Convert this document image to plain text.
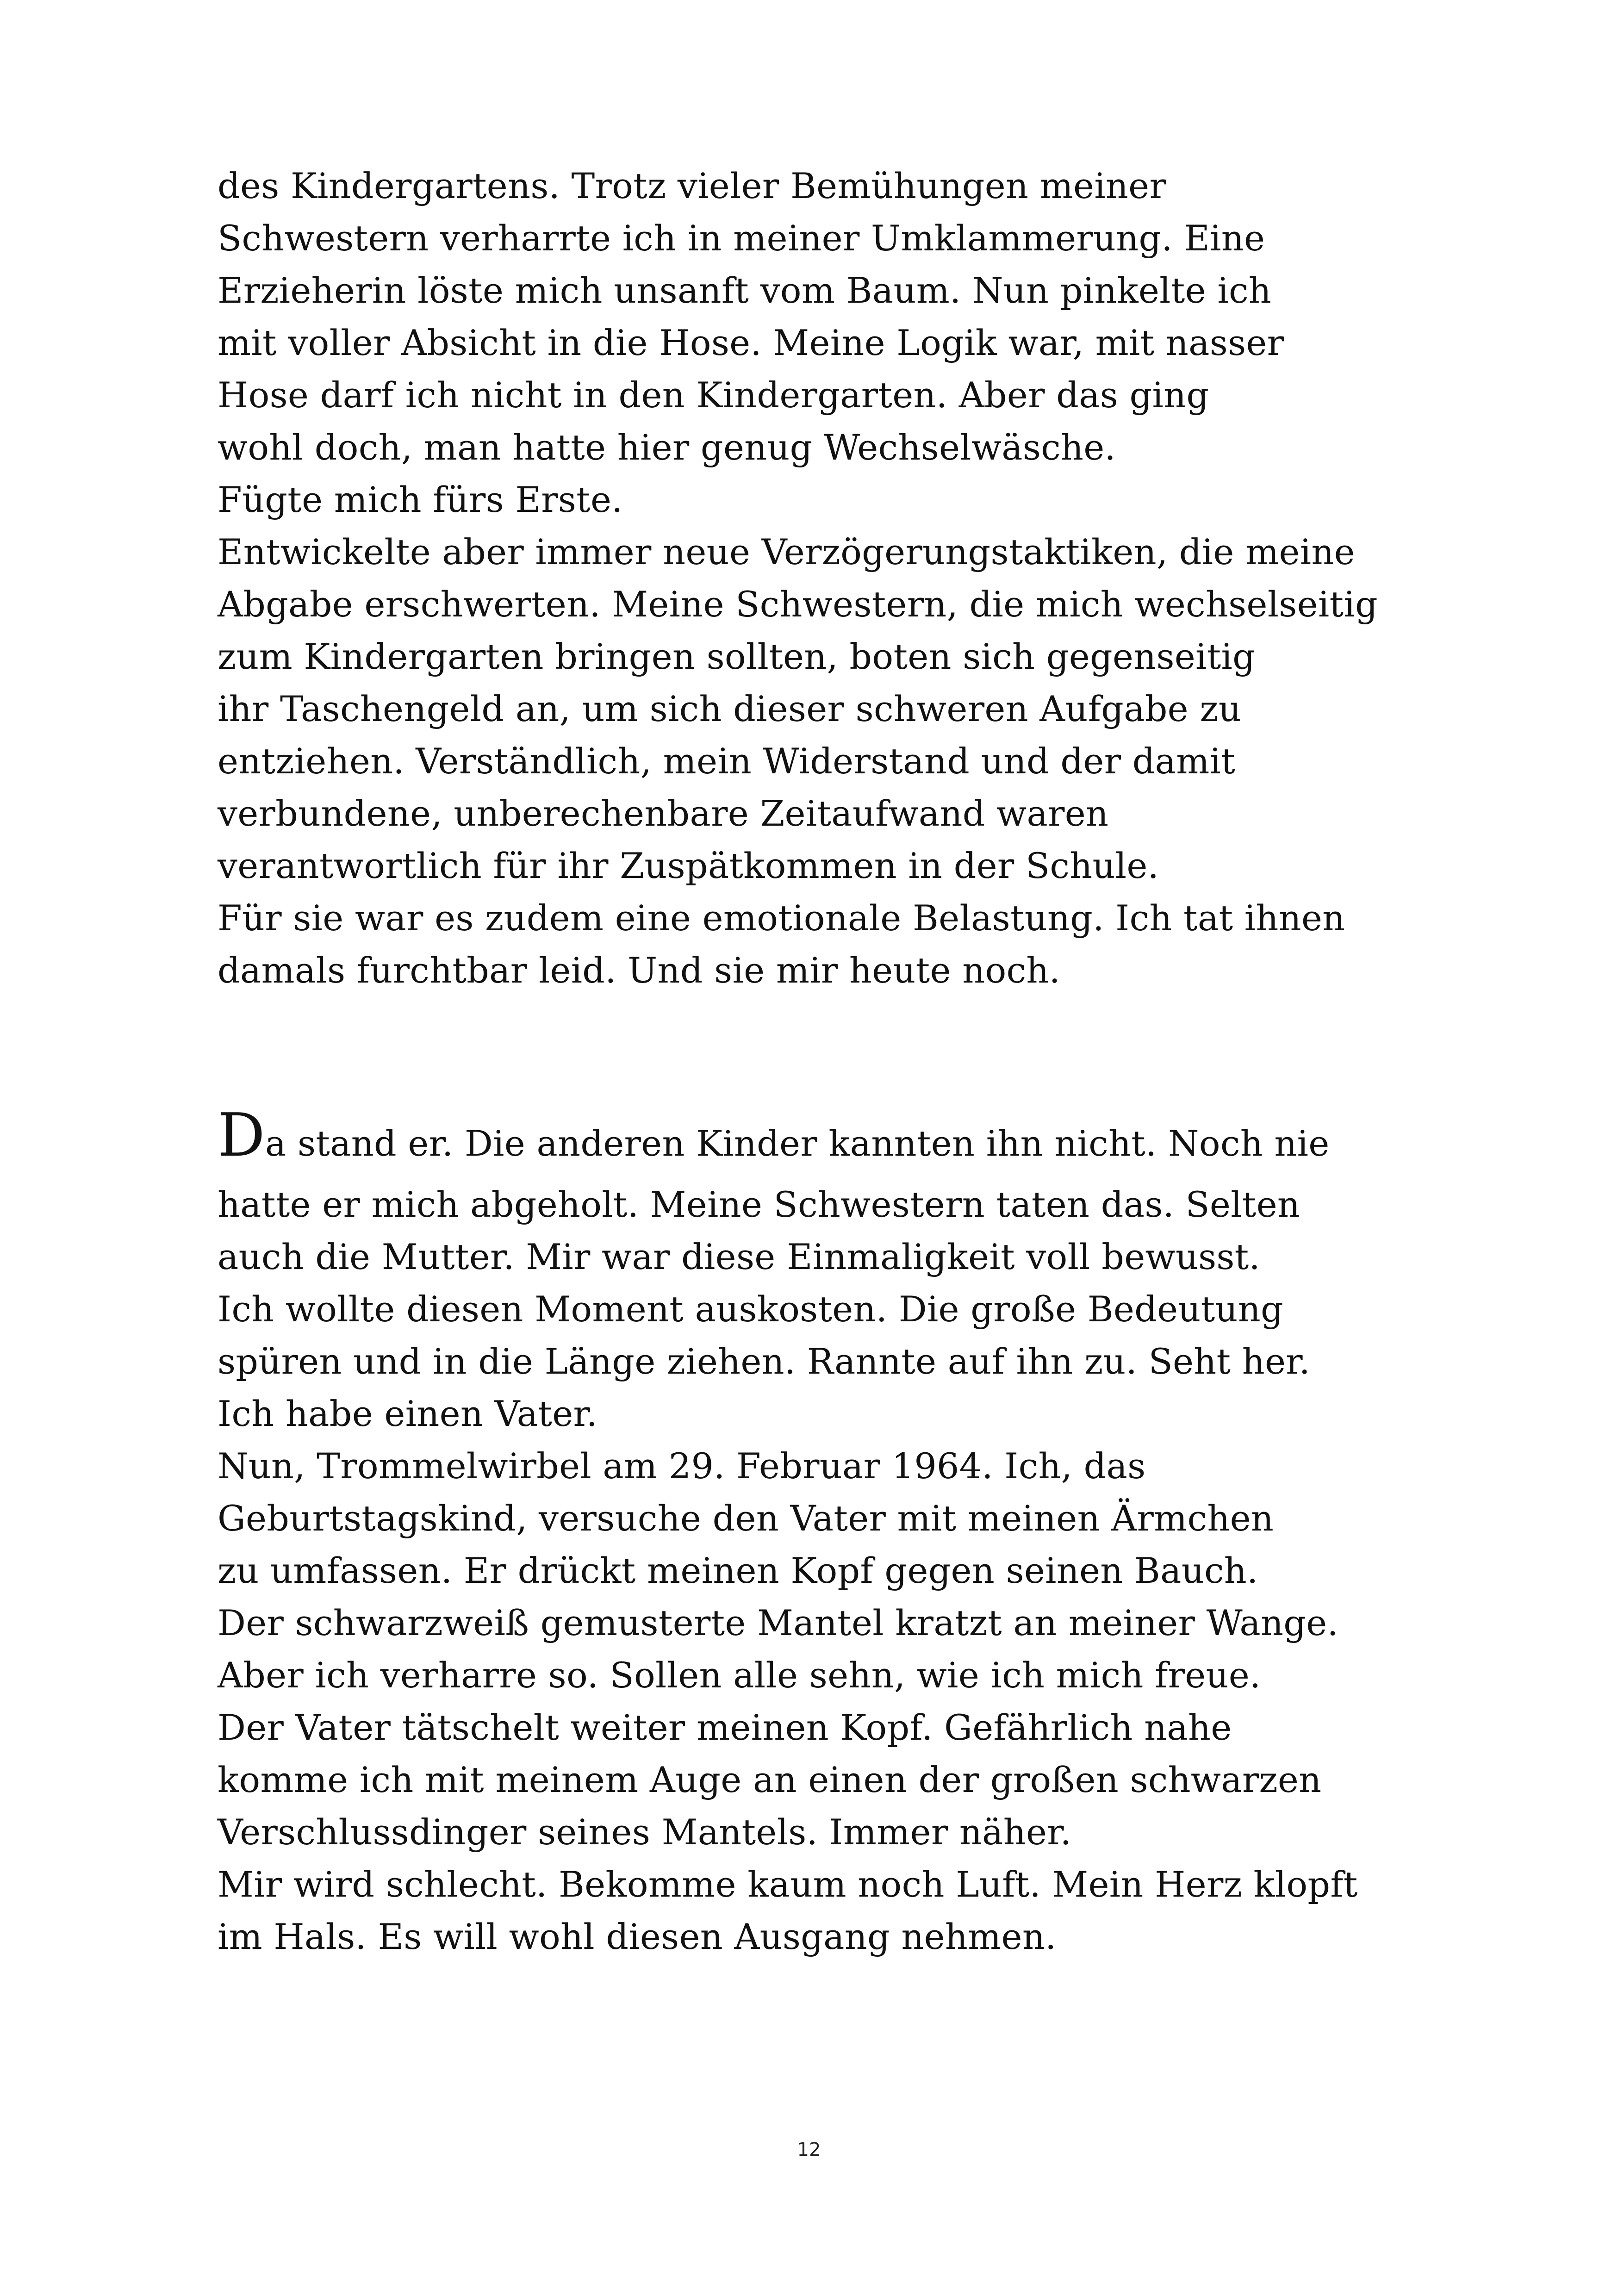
des Kindergartens. Trotz vieler Bemühungen meiner
Schwestern verharrte ich in meiner Umklammerung. Eine
Erzieherin löste mich unsanft vom Baum. Nun pinkelte ich
mit voller Absicht in die Hose. Meine Logik war, mit nasser
Hose darf ich nicht in den Kindergarten. Aber das ging
wohl doch, man hatte hier genug Wechselwäsche.
Fügte mich fürs Erste.
Entwickelte aber immer neue Verzögerungstaktiken, die meine
Abgabe erschwerten. Meine Schwestern, die mich wechselseitig
zum Kindergarten bringen sollten, boten sich gegenseitig
ihr Taschengeld an, um sich dieser schweren Aufgabe zu
entziehen. Verständlich, mein Widerstand und der damit
verbundene, unberechenbare Zeitaufwand waren
verantwortlich für ihr Zuspätkommen in der Schule.
Für sie war es zudem eine emotionale Belastung. Ich tat ihnen
damals furchtbar leid. Und sie mir heute noch.
Da stand er. Die anderen Kinder kannten ihn nicht. Noch nie
hatte er mich abgeholt. Meine Schwestern taten das. Selten
auch die Mutter. Mir war diese Einmaligkeit voll bewusst.
Ich wollte diesen Moment auskosten. Die große Bedeutung
spüren und in die Länge ziehen. Rannte auf ihn zu. Seht her.
Ich habe einen Vater.
Nun, Trommelwirbel am 29. Februar 1964. Ich, das
Geburtstagskind, versuche den Vater mit meinen Ärmchen
zu umfassen. Er drückt meinen Kopf gegen seinen Bauch.
Der schwarzweiß gemusterte Mantel kratzt an meiner Wange.
Aber ich verharre so. Sollen alle sehn, wie ich mich freue.
Der Vater tätschelt weiter meinen Kopf. Gefährlich nahe
komme ich mit meinem Auge an einen der großen schwarzen
Verschlussdinger seines Mantels. Immer näher.
Mir wird schlecht. Bekomme kaum noch Luft. Mein Herz klopft
im Hals. Es will wohl diesen Ausgang nehmen.
12
